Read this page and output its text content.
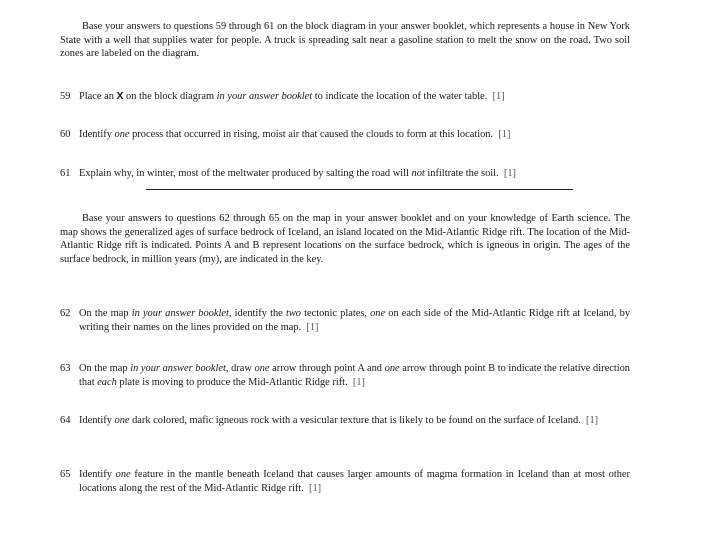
Base your answers to questions 59 through 61 on the block diagram in your answer booklet, which represents a house in New York State with a well that supplies water for people. A truck is spreading salt near a gasoline station to melt the snow on the road. Two soil zones are labeled on the diagram.

59 Place an X on the block diagram in your answer booklet to indicate the location of the water table. [1]
60 Identify one process that occurred in rising, moist air that caused the clouds to form at this location. [1]
61 Explain why, in winter, most of the meltwater produced by salting the road will not infiltrate the soil. [1]

Base your answers to questions 62 through 65 on the map in your answer booklet and on your knowledge of Earth science. The map shows the generalized ages of surface bedrock of Iceland, an island located on the Mid-Atlantic Ridge rift. The location of the Mid-Atlantic Ridge rift is indicated. Points A and B represent locations on the surface bedrock, which is igneous in origin. The ages of the surface bedrock, in million years (my), are indicated in the key.

62 On the map in your answer booklet, identify the two tectonic plates, one on each side of the Mid-Atlantic Ridge rift at Iceland, by writing their names on the lines provided on the map. [1]
63 On the map in your answer booklet, draw one arrow through point A and one arrow through point B to indicate the relative direction that each plate is moving to produce the Mid-Atlantic Ridge rift. [1]
64 Identify one dark colored, mafic igneous rock with a vesicular texture that is likely to be found on the surface of Iceland. [1]
65 Identify one feature in the mantle beneath Iceland that causes larger amounts of magma formation in Iceland than at most other locations along the rest of the Mid-Atlantic Ridge rift. [1]
